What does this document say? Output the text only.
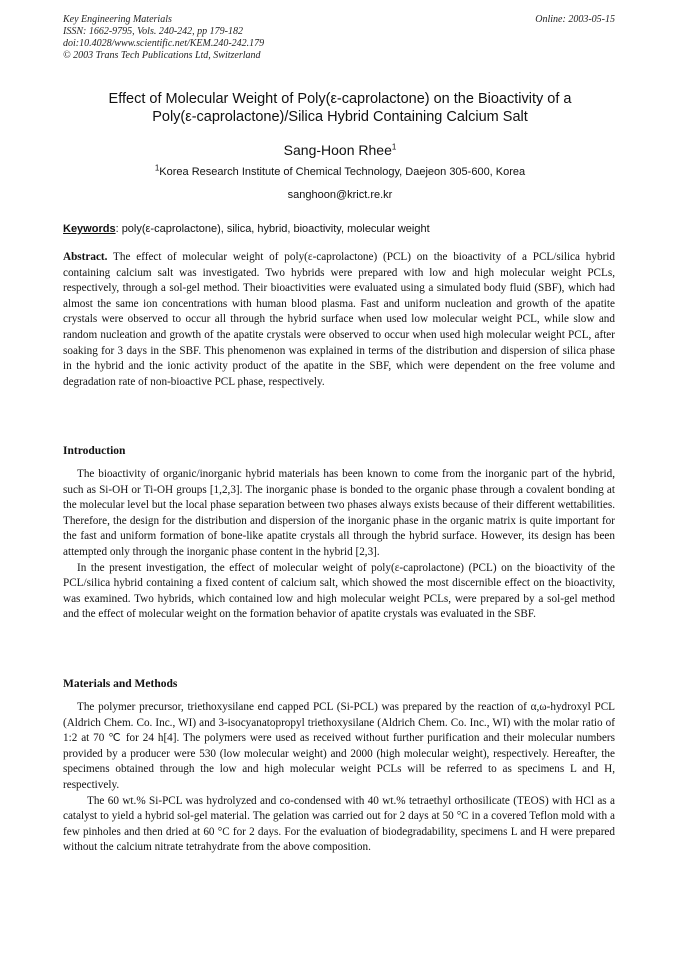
Key Engineering Materials
ISSN: 1662-9795, Vols. 240-242, pp 179-182
doi:10.4028/www.scientific.net/KEM.240-242.179
© 2003 Trans Tech Publications Ltd, Switzerland
Online: 2003-05-15
Effect of Molecular Weight of Poly(ε-caprolactone) on the Bioactivity of a
Poly(ε-caprolactone)/Silica Hybrid Containing Calcium Salt
Sang-Hoon Rhee$^1$
$^1$Korea Research Institute of Chemical Technology, Daejeon 305-600, Korea
sanghoon@krict.re.kr
Keywords: poly(ε-caprolactone), silica, hybrid, bioactivity, molecular weight

Abstract. The effect of molecular weight of poly(ε-caprolactone) (PCL) on the bioactivity of a PCL/silica hybrid containing calcium salt was investigated. Two hybrids were prepared with low and high molecular weight PCLs, respectively, through a sol-gel method. Their bioactivities were evaluated using a simulated body fluid (SBF), which had almost the same ion concentrations with human blood plasma. Fast and uniform nucleation and growth of the apatite crystals were observed to occur all through the hybrid surface when used low molecular weight PCL, while slow and random nucleation and growth of the apatite crystals were observed to occur when used high molecular weight PCL, after soaking for 3 days in the SBF. This phenomenon was explained in terms of the distribution and dispersion of silica phase in the hybrid and the ionic activity product of the apatite in the SBF, which were dependent on the free volume and degradation rate of non-bioactive PCL phase, respectively.

Introduction

The bioactivity of organic/inorganic hybrid materials has been known to come from the inorganic part of the hybrid, such as Si-OH or Ti-OH groups [1,2,3]. The inorganic phase is bonded to the organic phase through a covalent bonding at the molecular level but the local phase separation between two phases always exists because of their different wettabilities. Therefore, the design for the distribution and dispersion of the inorganic phase in the organic matrix is quite important for the fast and uniform formation of bone-like apatite crystals all through the hybrid surface. However, its design has been attempted only through the inorganic phase content in the hybrid [2,3].

In the present investigation, the effect of molecular weight of poly(ε-caprolactone) (PCL) on the bioactivity of the PCL/silica hybrid containing a fixed content of calcium salt, which showed the most discernible effect on the bioactivity, was examined. Two hybrids, which contained low and high molecular weight PCLs, were prepared by a sol-gel method and the effect of molecular weight on the formation behavior of apatite crystals was evaluated in the SBF.

Materials and Methods

The polymer precursor, triethoxysilane end capped PCL (Si-PCL) was prepared by the reaction of α,ω-hydroxyl PCL (Aldrich Chem. Co. Inc., WI) and 3-isocyanatopropyl triethoxysilane (Aldrich Chem. Co. Inc., WI) with the molar ratio of 1:2 at 70 ℃ for 24 h[4]. The polymers were used as received without further purification and their molecular numbers provided by a producer were 530 (low molecular weight) and 2000 (high molecular weight), respectively. Hereafter, the specimens obtained through the low and high molecular weight PCLs will be referred to as specimens L and H, respectively.

The 60 wt.% Si-PCL was hydrolyzed and co-condensed with 40 wt.% tetraethyl orthosilicate (TEOS) with HCl as a catalyst to yield a hybrid sol-gel material. The gelation was carried out for 2 days at 50 °C in a covered Teflon mold with a few pinholes and then dried at 60 °C for 2 days. For the evaluation of biodegradability, specimens L and H were prepared without the calcium nitrate tetrahydrate from the above composition.
